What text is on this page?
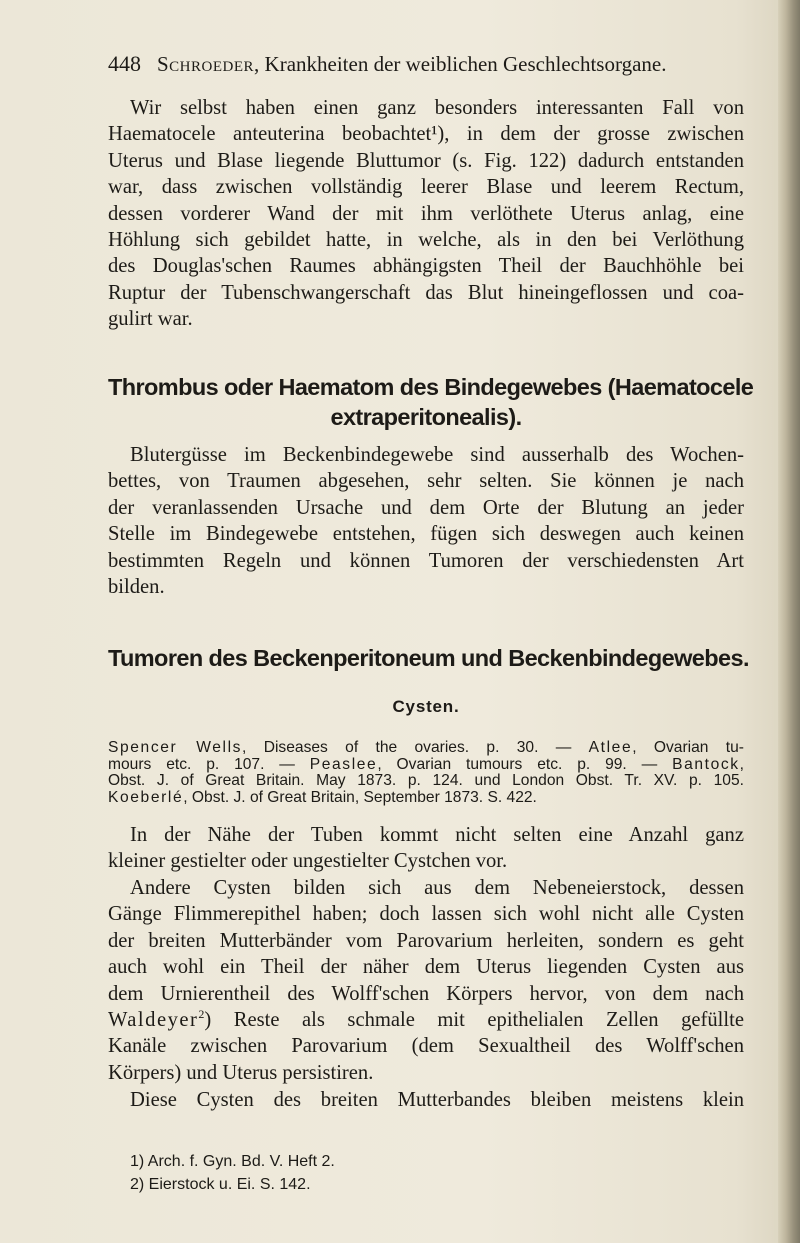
448 Schroeder, Krankheiten der weiblichen Geschlechtsorgane.
Wir selbst haben einen ganz besonders interessanten Fall von
Haematocele anteuterina beobachtet¹), in dem der grosse zwischen
Uterus und Blase liegende Bluttumor (s. Fig. 122) dadurch entstanden
war, dass zwischen vollständig leerer Blase und leerem Rectum,
dessen vorderer Wand der mit ihm verlöthete Uterus anlag, eine
Höhlung sich gebildet hatte, in welche, als in den bei Verlöthung
des Douglas'schen Raumes abhängigsten Theil der Bauchhöhle bei
Ruptur der Tubenschwangerschaft das Blut hineingeflossen und coa-
gulirt war.
Thrombus oder Haematom des Bindegewebes (Haematocele
extraperitonealis).
Blutergüsse im Beckenbindegewebe sind ausserhalb des Wochen-
bettes, von Traumen abgesehen, sehr selten. Sie können je nach
der veranlassenden Ursache und dem Orte der Blutung an jeder
Stelle im Bindegewebe entstehen, fügen sich deswegen auch keinen
bestimmten Regeln und können Tumoren der verschiedensten Art
bilden.
Tumoren des Beckenperitoneum und Beckenbindegewebes.
Cysten.
Spencer Wells, Diseases of the ovaries. p. 30. — Atlee, Ovarian tu-
mours etc. p. 107. — Peaslee, Ovarian tumours etc. p. 99. — Bantock,
Obst. J. of Great Britain. May 1873. p. 124. und London Obst. Tr. XV. p. 105.
Koeberlé, Obst. J. of Great Britain, September 1873. S. 422.
In der Nähe der Tuben kommt nicht selten eine Anzahl ganz
kleiner gestielter oder ungestielter Cystchen vor.
Andere Cysten bilden sich aus dem Nebeneierstock, dessen
Gänge Flimmerepithel haben; doch lassen sich wohl nicht alle Cysten
der breiten Mutterbänder vom Parovarium herleiten, sondern es geht
auch wohl ein Theil der näher dem Uterus liegenden Cysten aus
dem Urnierentheil des Wolff'schen Körpers hervor, von dem nach
Waldeyer$^2$) Reste als schmale mit epithelialen Zellen gefüllte
Kanäle zwischen Parovarium (dem Sexualtheil des Wolff'schen
Körpers) und Uterus persistiren.
Diese Cysten des breiten Mutterbandes bleiben meistens klein
1) Arch. f. Gyn. Bd. V. Heft 2.
2) Eierstock u. Ei. S. 142.
